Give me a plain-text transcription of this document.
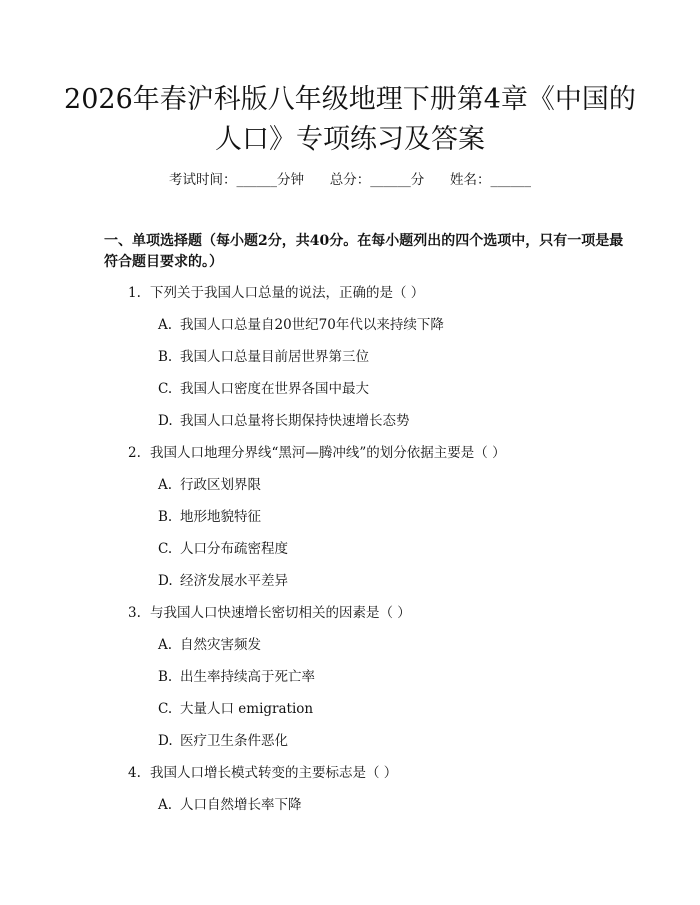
2026年春沪科版八年级地理下册第4章《中国的人口》专项练习及答案
考试时间：______分钟      总分：______分      姓名：______

一、单项选择题（每小题2分，共40分。在每小题列出的四个选项中，只有一项是最符合题目要求的。）

1. 下列关于我国人口总量的说法，正确的是（ ）
A. 我国人口总量自20世纪70年代以来持续下降
B. 我国人口总量目前居世界第三位
C. 我国人口密度在世界各国中最大
D. 我国人口总量将长期保持快速增长态势
2. 我国人口地理分界线“黑河—腾冲线”的划分依据主要是（ ）
A. 行政区划界限
B. 地形地貌特征
C. 人口分布疏密程度
D. 经济发展水平差异
3. 与我国人口快速增长密切相关的因素是（ ）
A. 自然灾害频发
B. 出生率持续高于死亡率
C. 大量人口 emigration
D. 医疗卫生条件恶化
4. 我国人口增长模式转变的主要标志是（ ）
A. 人口自然增长率下降
